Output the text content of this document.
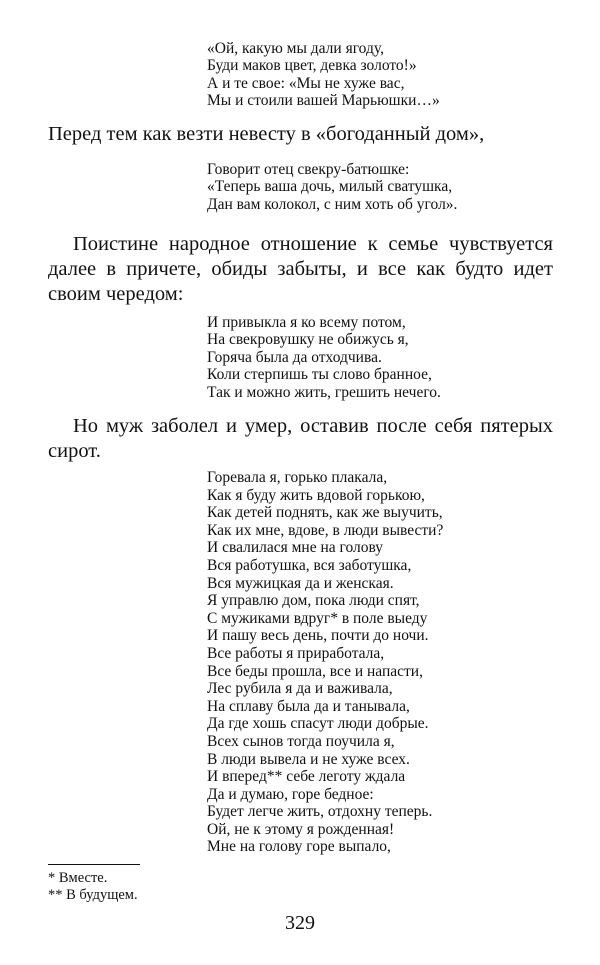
«Ой, какую мы дали ягоду,
Буди маков цвет, девка золото!»
А и те свое: «Мы не хуже вас,
Мы и стоили вашей Марьюшки…»
Перед тем как везти невесту в «богоданный дом»,
Говорит отец свекру-батюшке:
«Теперь ваша дочь, милый сватушка,
Дан вам колокол, с ним хоть об угол».
Поистине народное отношение к семье чувствуется далее в причете, обиды забыты, и все как будто идет своим чередом:
И привыкла я ко всему потом,
На свекровушку не обижусь я,
Горяча была да отходчива.
Коли стерпишь ты слово бранное,
Так и можно жить, грешить нечего.
Но муж заболел и умер, оставив после себя пятерых сирот.
Горевала я, горько плакала,
Как я буду жить вдовой горькою,
Как детей поднять, как же выучить,
Как их мне, вдове, в люди вывести?
И свалилася мне на голову
Вся работушка, вся заботушка,
Вся мужицкая да и женская.
Я управлю дом, пока люди спят,
С мужиками вдруг* в поле выеду
И пашу весь день, почти до ночи.
Все работы я приработала,
Все беды прошла, все и напасти,
Лес рубила я да и важивала,
На сплаву была да и танывала,
Да где хошь спасут люди добрые.
Всех сынов тогда поучила я,
В люди вывела и не хуже всех.
И вперед** себе леготу ждала
Да и думаю, горе бедное:
Будет легче жить, отдохну теперь.
Ой, не к этому я рожденная!
Мне на голову горе выпало,
* Вместе.
** В будущем.
329
